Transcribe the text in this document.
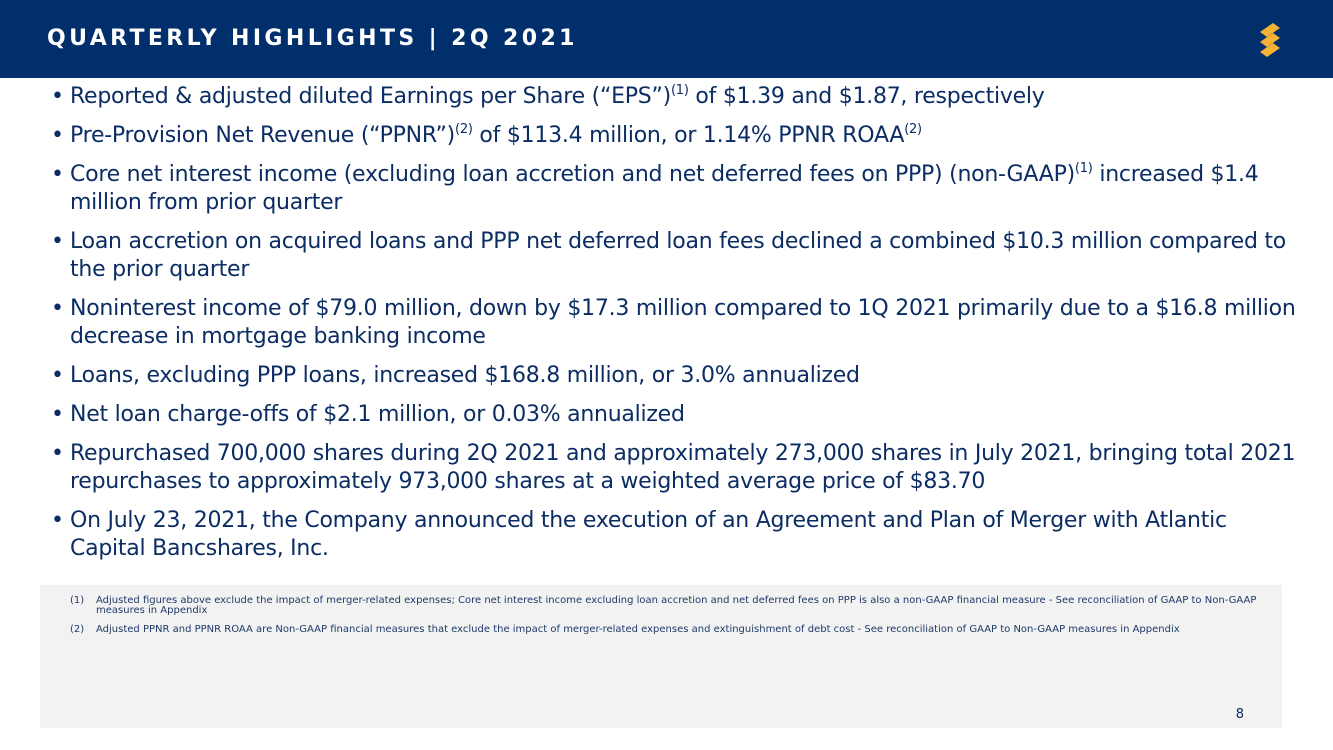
QUARTERLY HIGHLIGHTS | 2Q 2021
• Reported & adjusted diluted Earnings per Share (“EPS”)$^{(1)}$ of $1.39 and $1.87, respectively
• Pre-Provision Net Revenue (“PPNR”)$^{(2)}$ of $113.4 million, or 1.14% PPNR ROAA$^{(2)}$
• Core net interest income (excluding loan accretion and net deferred fees on PPP) (non-GAAP)$^{(1)}$ increased $1.4 million from prior quarter
• Loan accretion on acquired loans and PPP net deferred loan fees declined a combined $10.3 million compared to the prior quarter
• Noninterest income of $79.0 million, down by $17.3 million compared to 1Q 2021 primarily due to a $16.8 million decrease in mortgage banking income
• Loans, excluding PPP loans, increased $168.8 million, or 3.0% annualized
• Net loan charge-offs of $2.1 million, or 0.03% annualized
• Repurchased 700,000 shares during 2Q 2021 and approximately 273,000 shares in July 2021, bringing total 2021 repurchases to approximately 973,000 shares at a weighted average price of $83.70
• On July 23, 2021, the Company announced the execution of an Agreement and Plan of Merger with Atlantic Capital Bancshares, Inc.
(1)	Adjusted figures above exclude the impact of merger-related expenses; Core net interest income excluding loan accretion and net deferred fees on PPP is also a non-GAAP financial measure - See reconciliation of GAAP to Non-GAAP measures in Appendix
(2)	Adjusted PPNR and PPNR ROAA are Non-GAAP financial measures that exclude the impact of merger-related expenses and extinguishment of debt cost - See reconciliation of GAAP to Non-GAAP measures in Appendix
8
